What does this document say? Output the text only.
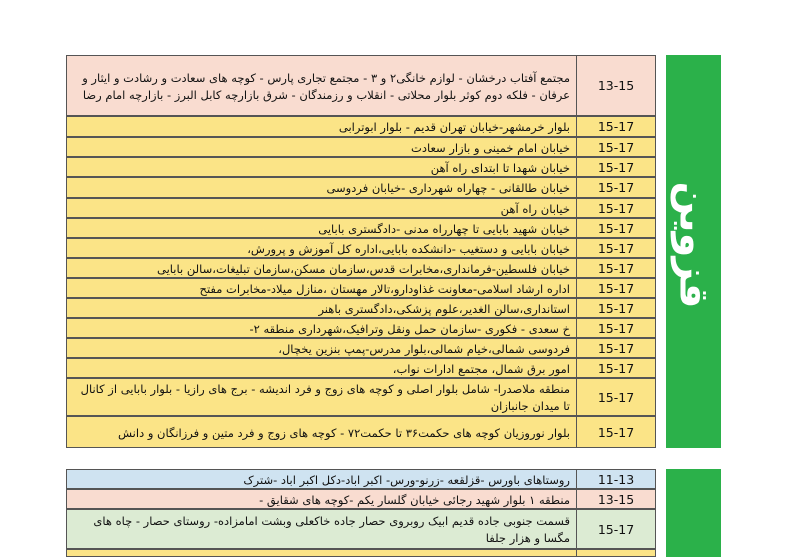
قزوین
مجتمع آفتاب درخشان - لوازم خانگی۲ و ۳ - مجتمع تجاری پارس - کوچه های سعادت و رشادت و ایثار و عرفان - فلکه دوم کوثر بلوار محلاتی - انقلاب و رزمندگان - شرق بازارچه کابل البرز - بازارچه امام رضا
13-15
بلوار خرمشهر-خیابان تهران قدیم - بلوار ابوترابی	15-17
خیابان امام خمینی و بازار سعادت	15-17
خیابان شهدا تا ابتدای راه آهن	15-17
خیابان طالقانی - چهاراه شهرداری -خیابان فردوسی	15-17
خیابان راه آهن	15-17
خیابان شهید بابایی تا چهارراه مدنی -دادگستری بابایی	15-17
خیابان بابایی و دستغیب -دانشکده بابایی،اداره کل آموزش و پرورش،	15-17
خیابان فلسطین-فرمانداری،مخابرات قدس،سازمان مسکن،سازمان تبلیغات،سالن بابایی	15-17
اداره ارشاد اسلامی-معاونت غذاودارو،تالار مهستان ،منازل میلاد-مخابرات مفتح	15-17
استانداری،سالن الغدیر،علوم پزشکی،دادگستری باهنر	15-17
خ سعدی - فکوری -سازمان حمل ونقل وترافیک،شهرداری منطقه ۲-	15-17
فردوسی شمالی،خیام شمالی،بلوار مدرس-پمپ بنزین یخچال،	15-17
امور برق شمال، مجتمع ادارات نواب،	15-17
منطقه ملاصدرا- شامل بلوار اصلی و کوچه های زوج و فرد اندیشه - برج های رازیا - بلوار بابایی از کانال تا میدان جانبازان
15-17
بلوار نوروزیان کوچه های حکمت۳۶ تا حکمت۷۲ - کوچه های زوج و فرد متین و فرزانگان و دانش	15-17
روستاهای باورس -قزلقعه -زرنو-ورس- اکبر اباد-دکل اکبر اباد -شترک	11-13
منطقه ۱ بلوار شهید رجائی خیابان گلسار یکم -کوچه های شقایق -	13-15
قسمت جنوبی جاده قدیم ابیک روبروی حصار جاده خاکعلی وبشت امامزاده- روستای حصار - چاه های مگسا و هزار جلفا
15-17
